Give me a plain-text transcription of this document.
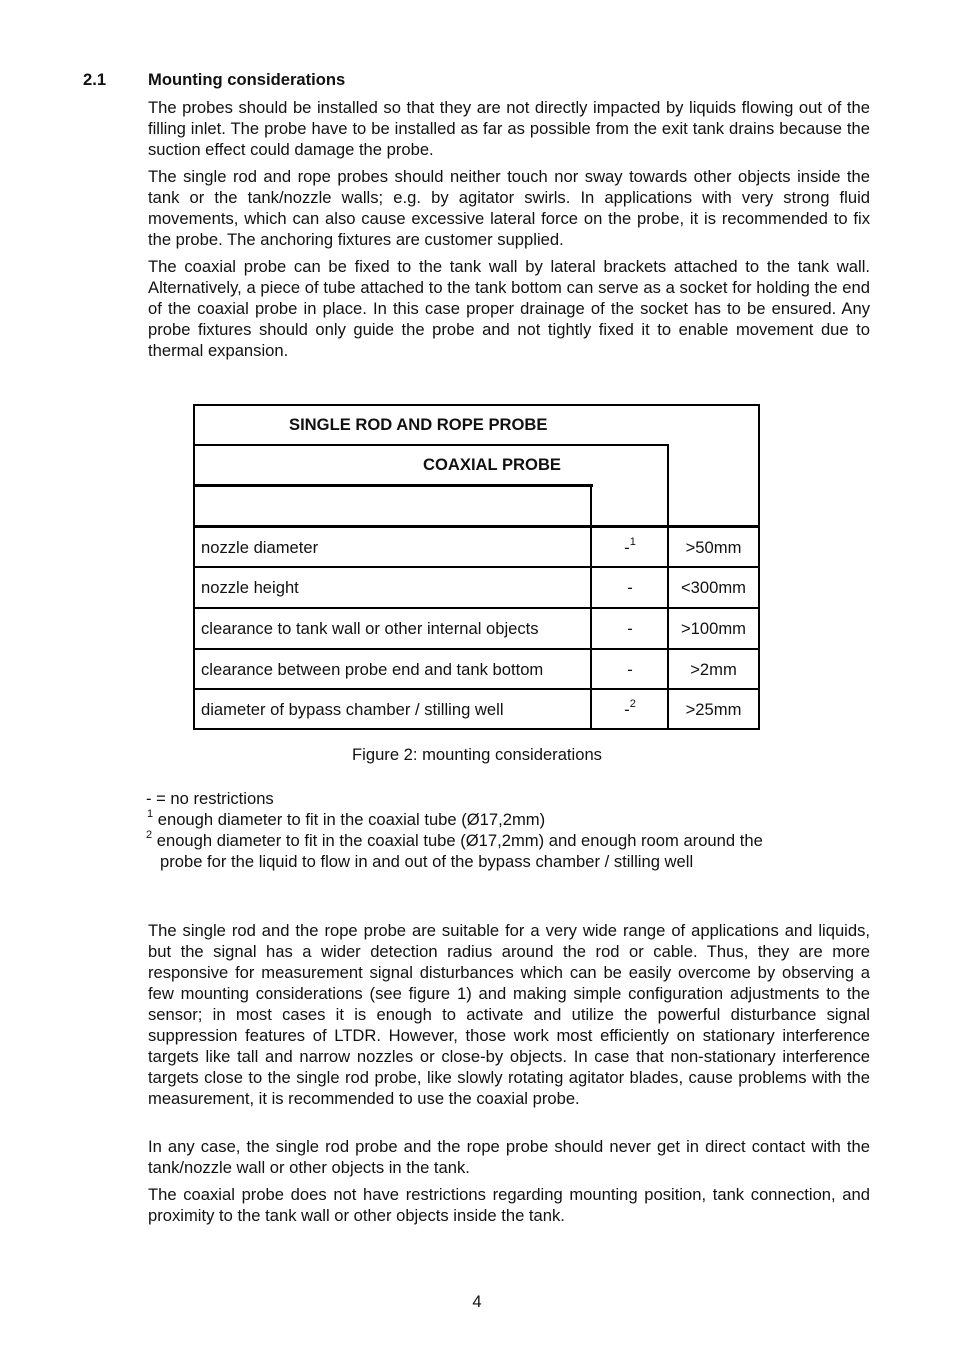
2.1	Mounting considerations

The probes should be installed so that they are not directly impacted by liquids flowing out of the filling inlet. The probe have to be installed as far as possible from the exit tank drains because the suction effect could damage the probe.

The single rod and rope probes should neither touch nor sway towards other objects inside the tank or the tank/nozzle walls; e.g. by agitator swirls. In applications with very strong fluid movements, which can also cause excessive lateral force on the probe, it is recommended to fix the probe. The anchoring fixtures are customer supplied.

The coaxial probe can be fixed to the tank wall by lateral brackets attached to the tank wall. Alternatively, a piece of tube attached to the tank bottom can serve as a socket for holding the end of the coaxial probe in place. In this case proper drainage of the socket has to be ensured. Any probe fixtures should only guide the probe and not tightly fixed it to enable movement due to thermal expansion.

SINGLE ROD AND ROPE PROBE
COAXIAL PROBE
nozzle diameter	-$^1$	>50mm
nozzle height	-	<300mm
clearance to tank wall or other internal objects	-	>100mm
clearance between probe end and tank bottom	-	>2mm
diameter of bypass chamber / stilling well	-$^2$	>25mm
Figure 2: mounting considerations
- = no restrictions
$^1$ enough diameter to fit in the coaxial tube (Ø17,2mm)
$^2$ enough diameter to fit in the coaxial tube (Ø17,2mm) and enough room around the
probe for the liquid to flow in and out of the bypass chamber / stilling well

The single rod and the rope probe are suitable for a very wide range of applications and liquids, but the signal has a wider detection radius around the rod or cable. Thus, they are more responsive for measurement signal disturbances which can be easily overcome by observing a few mounting considerations (see figure 1) and making simple configuration adjustments to the sensor; in most cases it is enough to activate and utilize the powerful disturbance signal suppression features of LTDR. However, those work most efficiently on stationary interference targets like tall and narrow nozzles or close-by objects. In case that non-stationary interference targets close to the single rod probe, like slowly rotating agitator blades, cause problems with the measurement, it is recommended to use the coaxial probe.

In any case, the single rod probe and the rope probe should never get in direct contact with the tank/nozzle wall or other objects in the tank.

The coaxial probe does not have restrictions regarding mounting position, tank connection, and proximity to the tank wall or other objects inside the tank.

4
